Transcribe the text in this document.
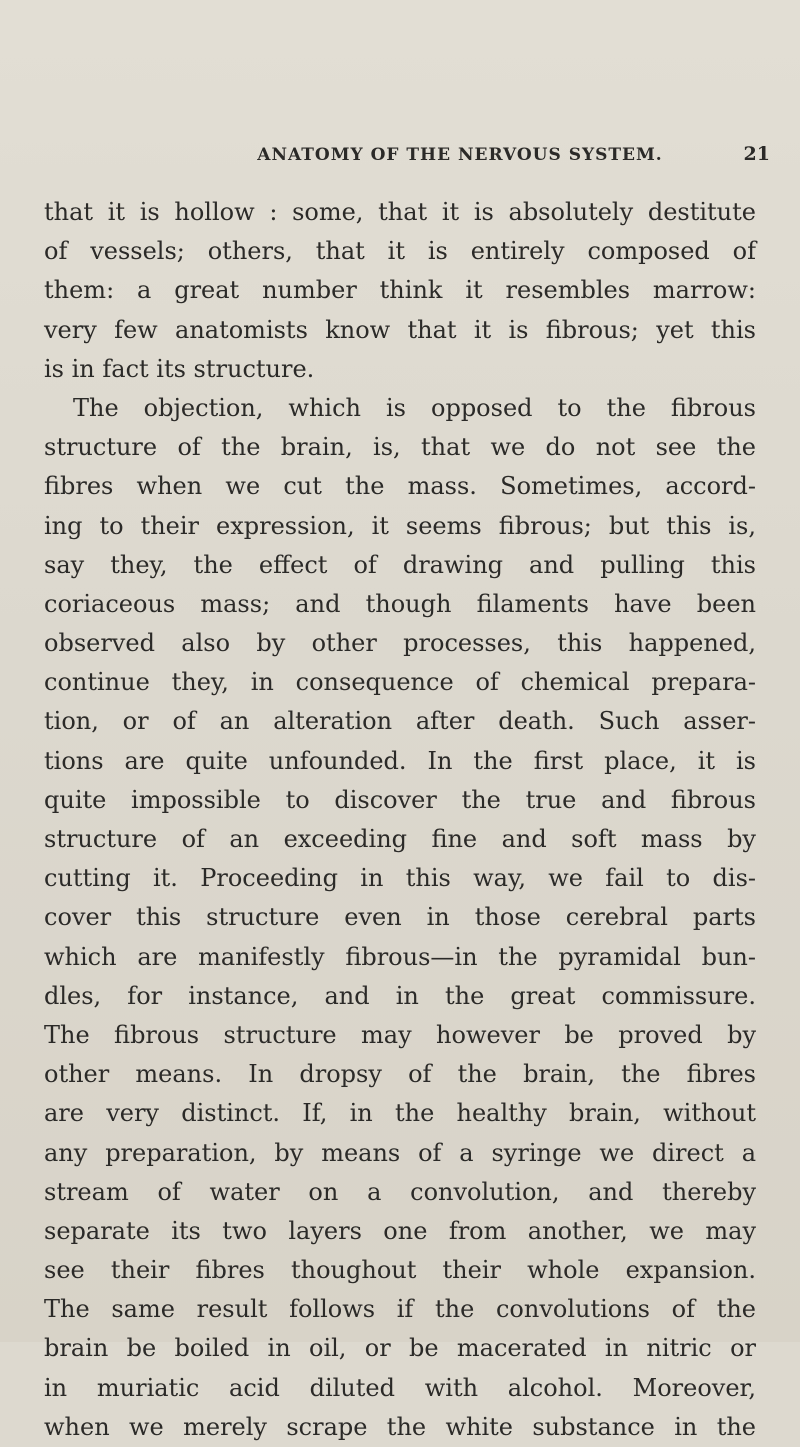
ANATOMY OF THE NERVOUS SYSTEM.	21
that it is hollow : some, that it is absolutely destitute
of vessels; others, that it is entirely composed of
them: a great number think it resembles marrow:
very few anatomists know that it is fibrous; yet this
is in fact its structure.
The objection, which is opposed to the fibrous
structure of the brain, is, that we do not see the
fibres when we cut the mass. Sometimes, accord-
ing to their expression, it seems fibrous; but this is,
say they, the effect of drawing and pulling this
coriaceous mass; and though filaments have been
observed also by other processes, this happened,
continue they, in consequence of chemical prepara-
tion, or of an alteration after death. Such asser-
tions are quite unfounded. In the first place, it is
quite impossible to discover the true and fibrous
structure of an exceeding fine and soft mass by
cutting it. Proceeding in this way, we fail to dis-
cover this structure even in those cerebral parts
which are manifestly fibrous—in the pyramidal bun-
dles, for instance, and in the great commissure.
The fibrous structure may however be proved by
other means. In dropsy of the brain, the fibres
are very distinct. If, in the healthy brain, without
any preparation, by means of a syringe we direct a
stream of water on a convolution, and thereby
separate its two layers one from another, we may
see their fibres thoughout their whole expansion.
The same result follows if the convolutions of the
brain be boiled in oil, or be macerated in nitric or
in muriatic acid diluted with alcohol. Moreover,
when we merely scrape the white substance in the
